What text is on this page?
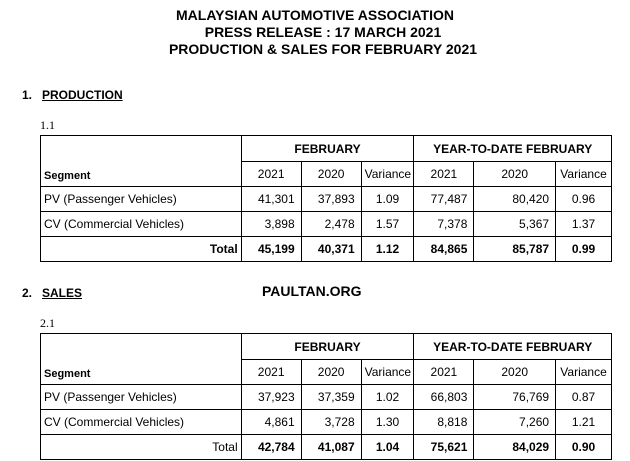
MALAYSIAN AUTOMOTIVE ASSOCIATION
PRESS RELEASE : 17 MARCH 2021
PRODUCTION & SALES FOR FEBRUARY 2021
1. PRODUCTION
1.1
Segment	FEBRUARY			YEAR-TO-DATE FEBRUARY		
	2021	2020	Variance	2021	2020	Variance
PV (Passenger Vehicles)	41,301	37,893	1.09	77,487	80,420	0.96
CV (Commercial Vehicles)	3,898	2,478	1.57	7,378	5,367	1.37
Total	45,199	40,371	1.12	84,865	85,787	0.99
2. SALES	PAULTAN.ORG
2.1
Segment	FEBRUARY			YEAR-TO-DATE FEBRUARY		
	2021	2020	Variance	2021	2020	Variance
PV (Passenger Vehicles)	37,923	37,359	1.02	66,803	76,769	0.87
CV (Commercial Vehicles)	4,861	3,728	1.30	8,818	7,260	1.21
Total	42,784	41,087	1.04	75,621	84,029	0.90
